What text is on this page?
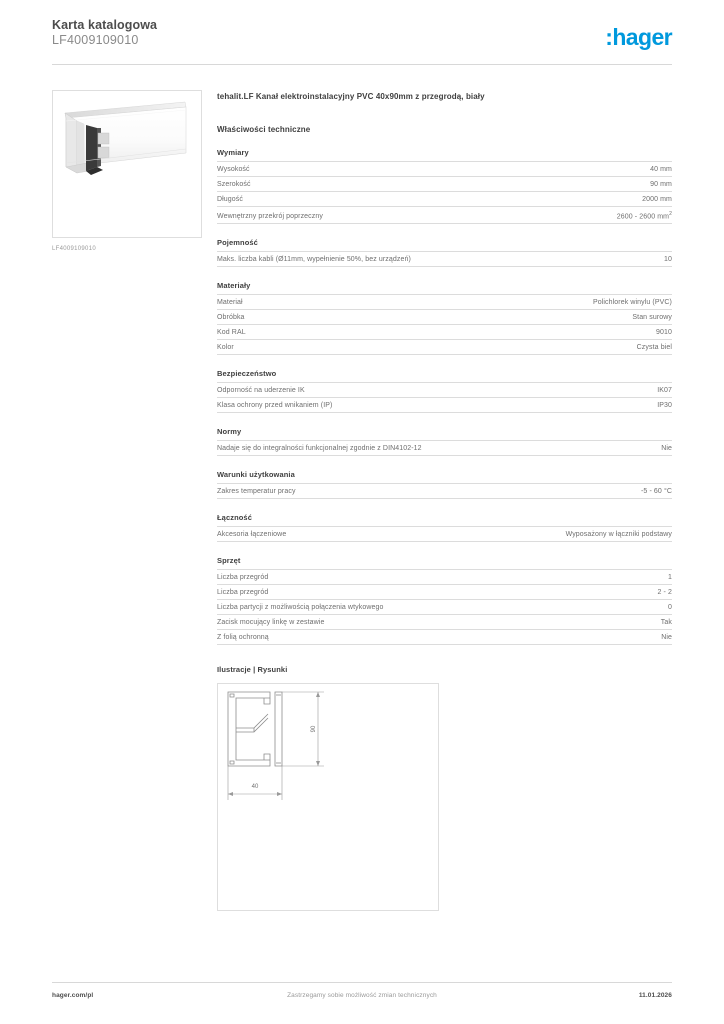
Karta katalogowa
LF4009109010	:hager
LF4009109010
tehalit.LF Kanał elektroinstalacyjny PVC 40x90mm z przegrodą, biały
Właściwości techniczne
Wymiary
Wysokość	40 mm
Szerokość	90 mm
Długość	2000 mm
Wewnętrzny przekrój poprzeczny	2600 - 2600 $mm^2$
Pojemność
Maks. liczba kabli (Ø11mm, wypełnienie 50%, bez urządzeń)	10
Materiały
Materiał	Polichlorek winylu (PVC)
Obróbka	Stan surowy
Kod RAL	9010
Kolor	Czysta biel
Bezpieczeństwo
Odporność na uderzenie IK	IK07
Klasa ochrony przed wnikaniem (IP)	IP30
Normy
Nadaje się do integralności funkcjonalnej zgodnie z DIN4102-12	Nie
Warunki użytkowania
Zakres temperatur pracy	-5 - 60 °C
Łączność
Akcesoria łączeniowe	Wyposażony w łączniki podstawy
Sprzęt
Liczba przegród	1
Liczba przegród	2 - 2
Liczba partycji z możliwością połączenia wtykowego	0
Zacisk mocujący linkę w zestawie	Tak
Z folią ochronną	Nie
Ilustracje | Rysunki
90
40
hager.com/pl	Zastrzegamy sobie możliwość zmian technicznych	11.01.2026
